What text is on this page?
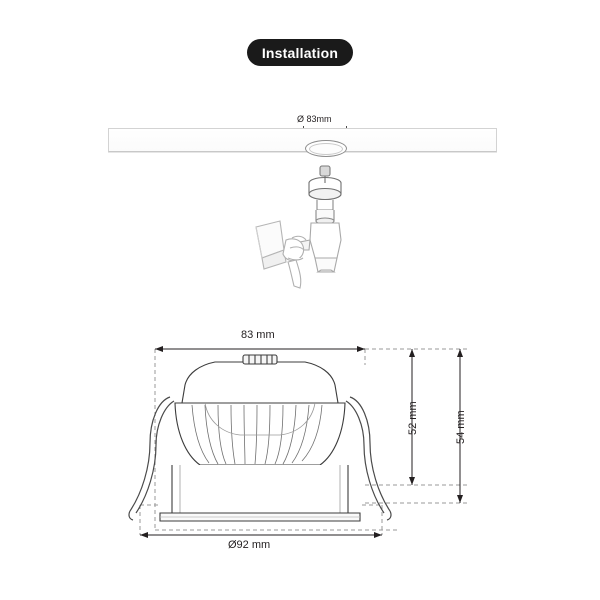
Installation
Ø 83mm
83 mm
Ø92 mm
52 mm	54 mm
